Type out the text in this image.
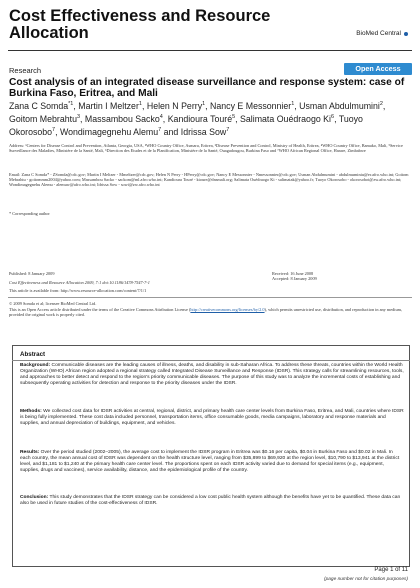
Cost Effectiveness and Resource Allocation	BioMed Central
Research	Open Access
Cost analysis of an integrated disease surveillance and response system: case of Burkina Faso, Eritrea, and Mali
Zana C Somda$^{*1}$, Martin I Meltzer$^1$, Helen N Perry$^1$, Nancy E Messonnier$^1$, Usman Abdulmumini$^2$, Goitom Mebrahtu$^3$, Massambou Sacko$^4$, Kandioura Touré$^5$, Salimata Ouédraogo Ki$^6$, Tuoyo Okorosobo$^7$, Wondimagegnehu Alemu$^7$ and Idrissa Sow$^7$
Address: ¹Centers for Disease Control and Prevention, Atlanta, Georgia, USA, ²WHO Country Office, Asmara, Eritrea, ³Disease Prevention and Control, Ministry of Health, Eritrea, ⁴WHO Country Office, Bamako, Mali, ⁵Service Surveillance des Maladies, Ministère de la Santé, Mali, ⁶Direction des Etudes et de la Planification, Ministère de la Santé, Ouagadougou, Burkina Faso and ⁷WHO African Regional Office, Harare, Zimbabwe
Email: Zana C Somda* - ZSomda@cdc.gov; Martin I Meltzer - Mmeltzer@cdc.gov; Helen N Perry - HPerry@cdc.gov; Nancy E Messonnier - Nmessonnier@cdc.gov; Usman Abdulmumini - abdulmuminiu@er.afro.who.int; Goitom Mebrahtu - goitommm2004@yahoo.com; Massambou Sacko - sackom@ml.afro.who.int; Kandioura Touré - ktoure@dnsmali.org; Salimata Ouédraogo Ki - salimatak@yahoo.fr; Tuoyo Okorosobo - okorosobot@zw.afro.who.int; Wondimagegnehu Alemu - alemuw@afro.who.int; Idrissa Sow - sowi@zw.afro.who.int
* Corresponding author
Published: 8 January 2009	Received: 16 June 2008
Accepted: 8 January 2009
Cost Effectiveness and Resource Allocation 2009, 7:1 doi:10.1186/1478-7547-7-1
This article is available from: http://www.resource-allocation.com/content/7/1/1
© 2009 Somda et al; licensee BioMed Central Ltd.
This is an Open Access article distributed under the terms of the Creative Commons Attribution License (http://creativecommons.org/licenses/by/2.0), which permits unrestricted use, distribution, and reproduction in any medium, provided the original work is properly cited.
Abstract
Background: Communicable diseases are the leading causes of illness, deaths, and disability in sub-Saharan Africa. To address these threats, countries within the World Health Organization (WHO) African region adopted a regional strategy called Integrated Disease Surveillance and Response (IDSR). This strategy calls for streamlining resources, tools, and approaches to better detect and respond to the region's priority communicable diseases. The purpose of this study was to analyze the incremental costs of establishing and subsequently operating activities for detection and response to the priority diseases under the IDSR.
Methods: We collected cost data for IDSR activities at central, regional, district, and primary health care center levels from Burkina Faso, Eritrea, and Mali, countries where IDSR is being fully implemented. These cost data included personnel, transportation items, office consumable goods, media campaigns, laboratory and response materials and supplies, and annual depreciation of buildings, equipment, and vehicles.
Results: Over the period studied (2002–2005), the average cost to implement the IDSR program in Eritrea was $0.16 per capita, $0.04 in Burkina Faso and $0.02 in Mali. In each country, the mean annual cost of IDSR was dependent on the health structure level, ranging from $35,899 to $69,920 at the region level, $10,790 to $13,941 at the district level, and $1,181 to $1,240 at the primary health care center level. The proportions spent on each IDSR activity varied due to demand for special items (e.g., equipment, supplies, drugs and vaccines), service availability, distance, and the epidemiological profile of the country.
Conclusion: This study demonstrates that the IDSR strategy can be considered a low cost public health system although the benefits have yet to be quantified. These data can also be used in future studies of the cost-effectiveness of IDSR.
Page 1 of 11
(page number not for citation purposes)
